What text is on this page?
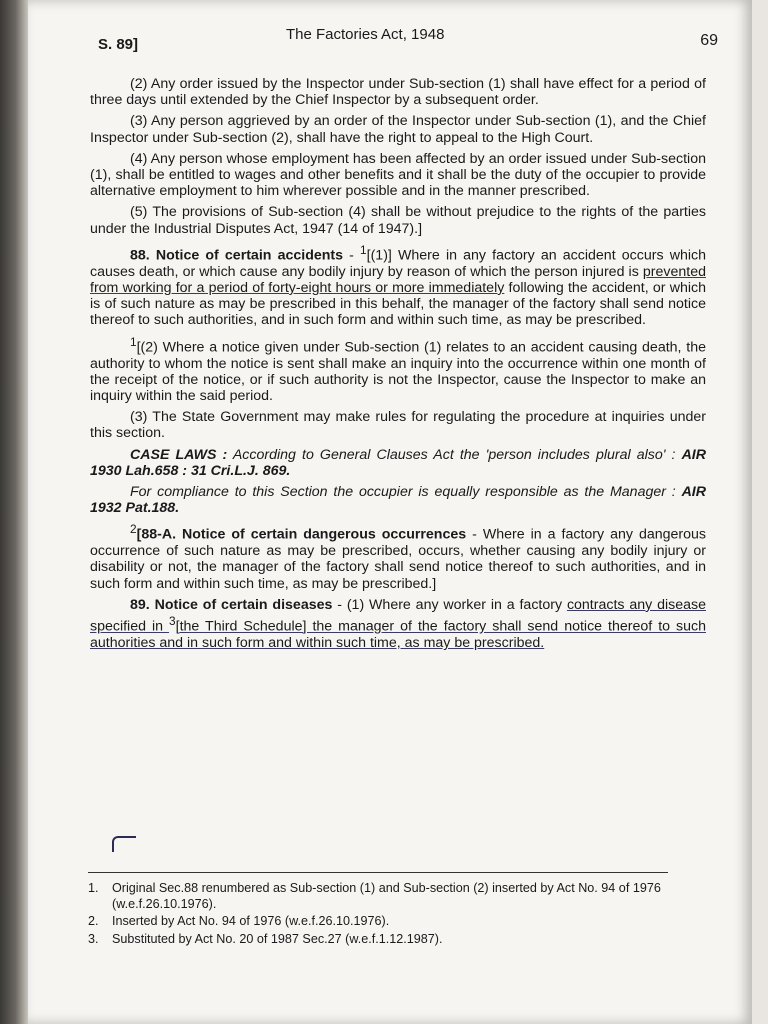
S. 89]
The Factories Act, 1948	69

(2) Any order issued by the Inspector under Sub-section (1) shall have effect for a period of three days until extended by the Chief Inspector by a subsequent order.

(3) Any person aggrieved by an order of the Inspector under Sub-section (1), and the Chief Inspector under Sub-section (2), shall have the right to appeal to the High Court.

(4) Any person whose employment has been affected by an order issued under Sub-section (1), shall be entitled to wages and other benefits and it shall be the duty of the occupier to provide alternative employment to him wherever possible and in the manner prescribed.

(5) The provisions of Sub-section (4) shall be without prejudice to the rights of the parties under the Industrial Disputes Act, 1947 (14 of 1947).]

88. Notice of certain accidents - $^1$[(1)] Where in any factory an accident occurs which causes death, or which cause any bodily injury by reason of which the person injured is prevented from working for a period of forty-eight hours or more immediately following the accident, or which is of such nature as may be prescribed in this behalf, the manager of the factory shall send notice thereof to such authorities, and in such form and within such time, as may be prescribed.

$^1$[(2) Where a notice given under Sub-section (1) relates to an accident causing death, the authority to whom the notice is sent shall make an inquiry into the occurrence within one month of the receipt of the notice, or if such authority is not the Inspector, cause the Inspector to make an inquiry within the said period.

(3) The State Government may make rules for regulating the procedure at inquiries under this section.

CASE LAWS : According to General Clauses Act the 'person includes plural also' : AIR 1930 Lah.658 : 31 Cri.L.J. 869.

For compliance to this Section the occupier is equally responsible as the Manager : AIR 1932 Pat.188.

$^2$[88-A. Notice of certain dangerous occurrences - Where in a factory any dangerous occurrence of such nature as may be prescribed, occurs, whether causing any bodily injury or disability or not, the manager of the factory shall send notice thereof to such authorities, and in such form and within such time, as may be prescribed.]

89. Notice of certain diseases - (1) Where any worker in a factory contracts any disease specified in $^3$[the Third Schedule] the manager of the factory shall send notice thereof to such authorities and in such form and within such time, as may be prescribed.

1.	Original Sec.88 renumbered as Sub-section (1) and Sub-section (2) inserted by Act No. 94 of 1976 (w.e.f.26.10.1976).
2.	Inserted by Act No. 94 of 1976 (w.e.f.26.10.1976).
3.	Substituted by Act No. 20 of 1987 Sec.27 (w.e.f.1.12.1987).
